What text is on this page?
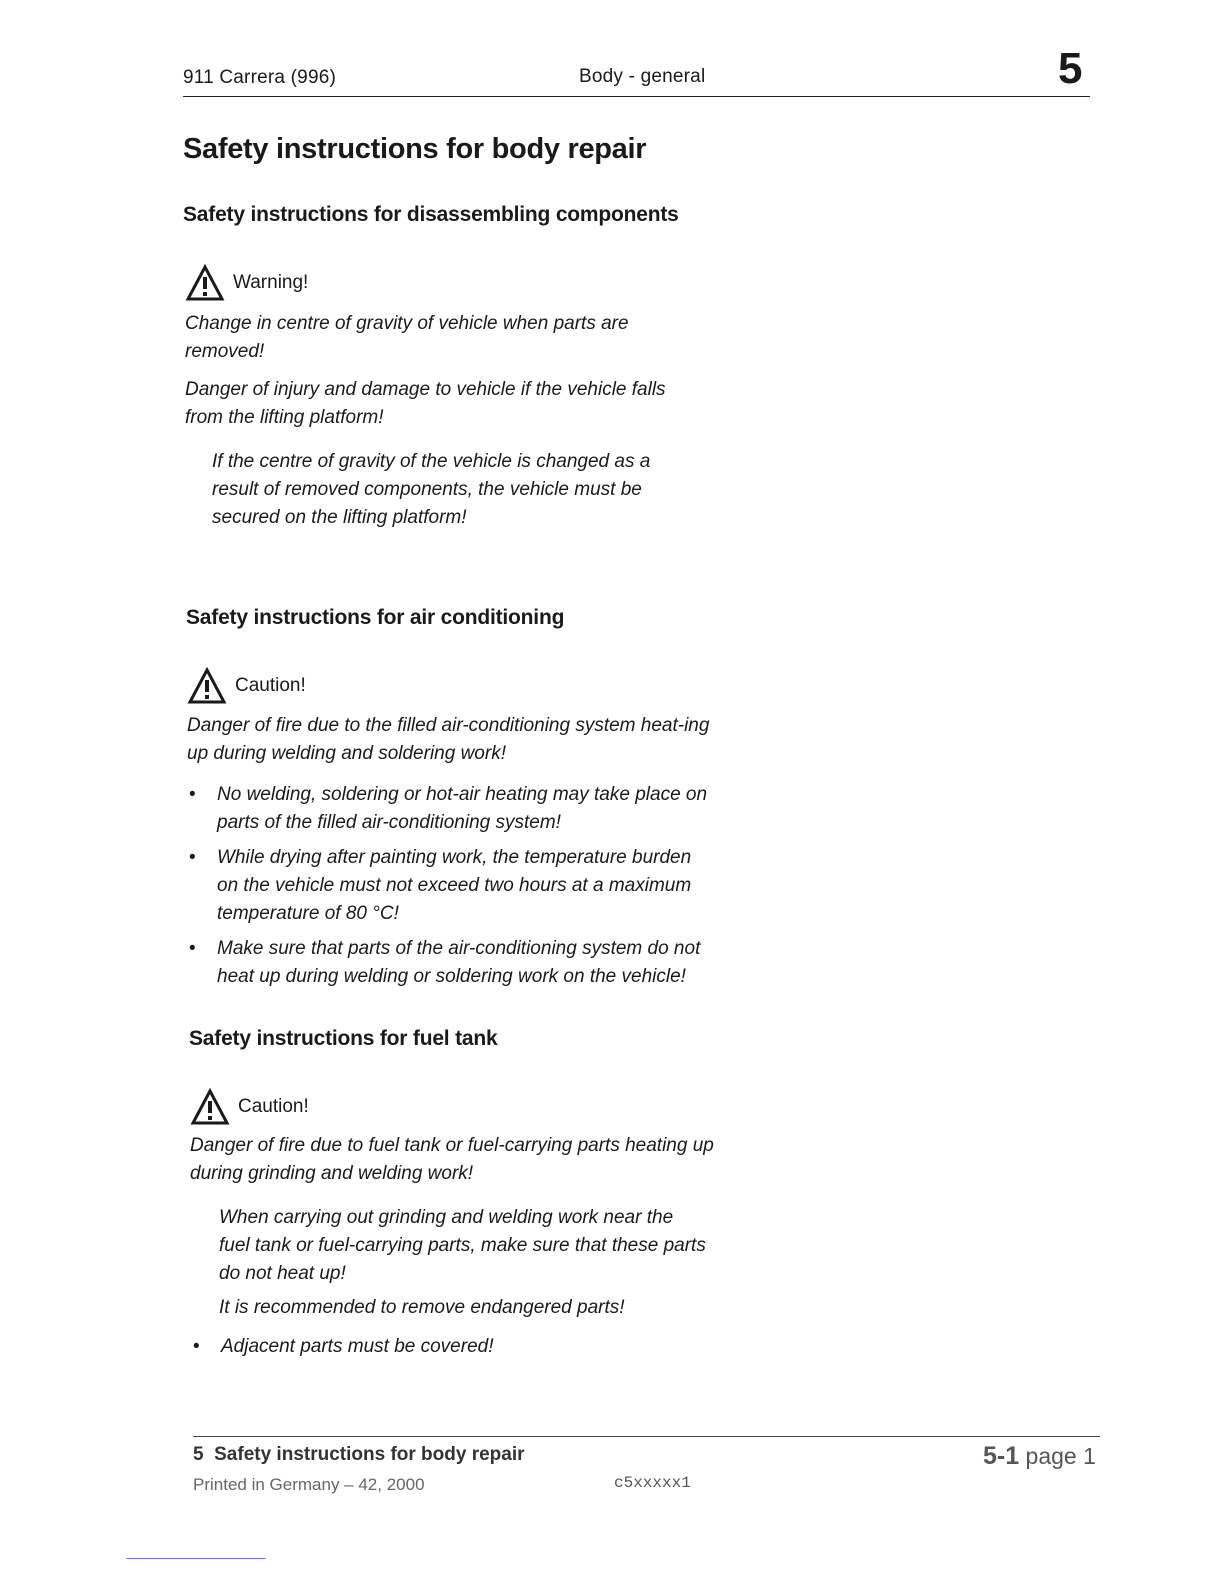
911 Carrera (996)	Body - general	5
Safety instructions for body repair
Safety instructions for disassembling components
Warning!

Change in centre of gravity of vehicle when parts are removed!

Danger of injury and damage to vehicle if the vehicle falls from the lifting platform!

If the centre of gravity of the vehicle is changed as a result of removed components, the vehicle must be secured on the lifting platform!

Safety instructions for air conditioning
Caution!

Danger of fire due to the filled air-conditioning system heat-ing up during welding and soldering work!

• No welding, soldering or hot-air heating may take place on parts of the filled air-conditioning system!
• While drying after painting work, the temperature burden on the vehicle must not exceed two hours at a maximum temperature of 80 °C!
• Make sure that parts of the air-conditioning system do not heat up during welding or soldering work on the vehicle!
Safety instructions for fuel tank
Caution!

Danger of fire due to fuel tank or fuel-carrying parts heating up during grinding and welding work!

When carrying out grinding and welding work near the fuel tank or fuel-carrying parts, make sure that these parts do not heat up!

It is recommended to remove endangered parts!

• Adjacent parts must be covered!
5  Safety instructions for body repair
Printed in Germany – 42, 2000	c5xxxxx1
5-1 page 1
